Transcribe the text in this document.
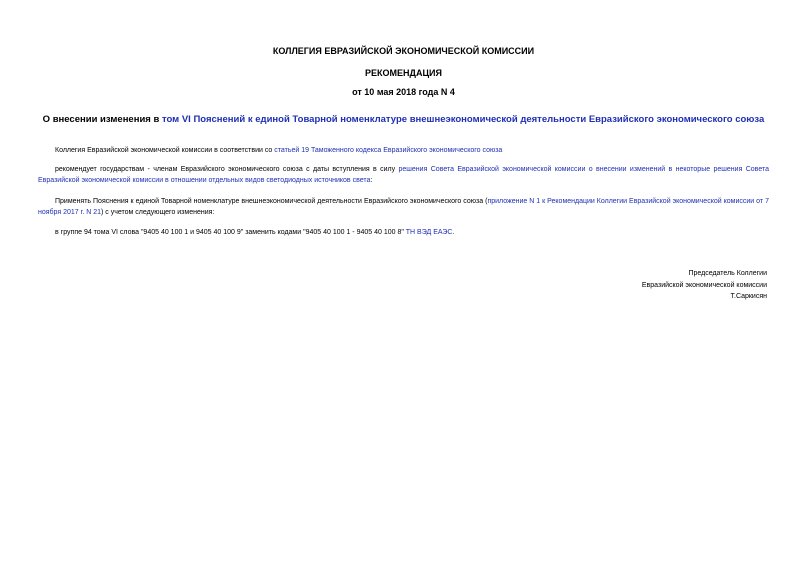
КОЛЛЕГИЯ ЕВРАЗИЙСКОЙ ЭКОНОМИЧЕСКОЙ КОМИССИИ
РЕКОМЕНДАЦИЯ
от 10 мая 2018 года N 4
О внесении изменения в том VI Пояснений к единой Товарной номенклатуре внешнеэкономической деятельности Евразийского экономического союза
Коллегия Евразийской экономической комиссии в соответствии со статьей 19 Таможенного кодекса Евразийского экономического союза
рекомендует государствам - членам Евразийского экономического союза с даты вступления в силу решения Совета Евразийской экономической комиссии о внесении изменений в некоторые решения Совета Евразийской экономической комиссии в отношении отдельных видов светодиодных источников света:
Применять Пояснения к единой Товарной номенклатуре внешнеэкономической деятельности Евразийского экономического союза (приложение N 1 к Рекомендации Коллегии Евразийской экономической комиссии от 7 ноября 2017 г. N 21) с учетом следующего изменения:
в группе 94 тома VI слова "9405 40 100 1 и 9405 40 100 9" заменить кодами "9405 40 100 1 - 9405 40 100 8" ТН ВЭД ЕАЭС.
Председатель Коллегии
Евразийской экономической комиссии
Т.Саркисян
